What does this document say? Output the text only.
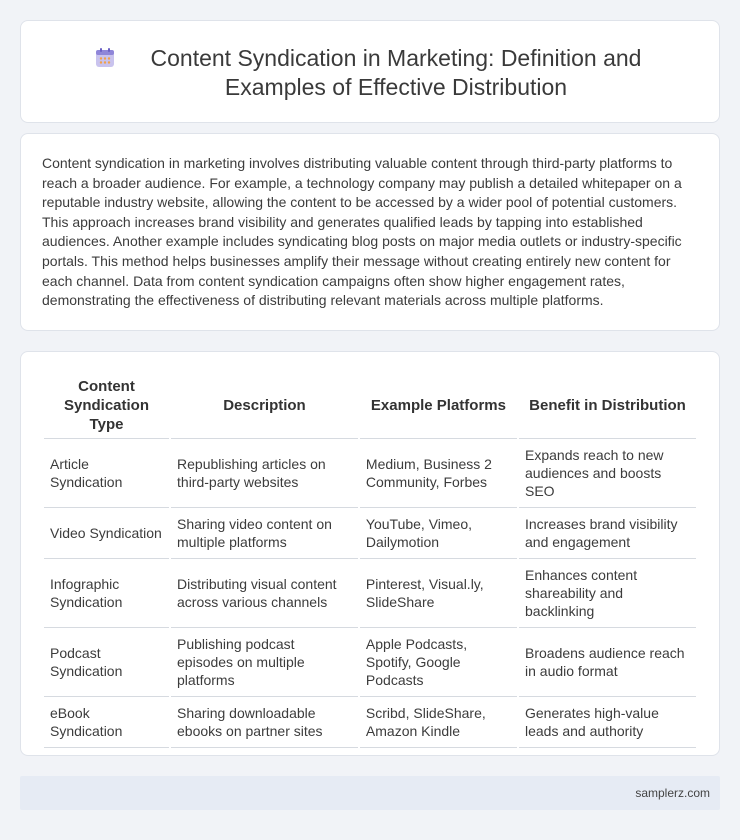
Content Syndication in Marketing: Definition and Examples of Effective Distribution

Content syndication in marketing involves distributing valuable content through third-party platforms to reach a broader audience. For example, a technology company may publish a detailed whitepaper on a reputable industry website, allowing the content to be accessed by a wider pool of potential customers. This approach increases brand visibility and generates qualified leads by tapping into established audiences. Another example includes syndicating blog posts on major media outlets or industry-specific portals. This method helps businesses amplify their message without creating entirely new content for each channel. Data from content syndication campaigns often show higher engagement rates, demonstrating the effectiveness of distributing relevant materials across multiple platforms.

Content Syndication Type	Description	Example Platforms	Benefit in Distribution
Article Syndication	Republishing articles on third-party websites	Medium, Business 2 Community, Forbes	Expands reach to new audiences and boosts SEO
Video Syndication	Sharing video content on multiple platforms	YouTube, Vimeo, Dailymotion	Increases brand visibility and engagement
Infographic Syndication	Distributing visual content across various channels	Pinterest, Visual.ly, SlideShare	Enhances content shareability and backlinking
Podcast Syndication	Publishing podcast episodes on multiple platforms	Apple Podcasts, Spotify, Google Podcasts	Broadens audience reach in audio format
eBook Syndication	Sharing downloadable ebooks on partner sites	Scribd, SlideShare, Amazon Kindle	Generates high-value leads and authority
samplerz.com
